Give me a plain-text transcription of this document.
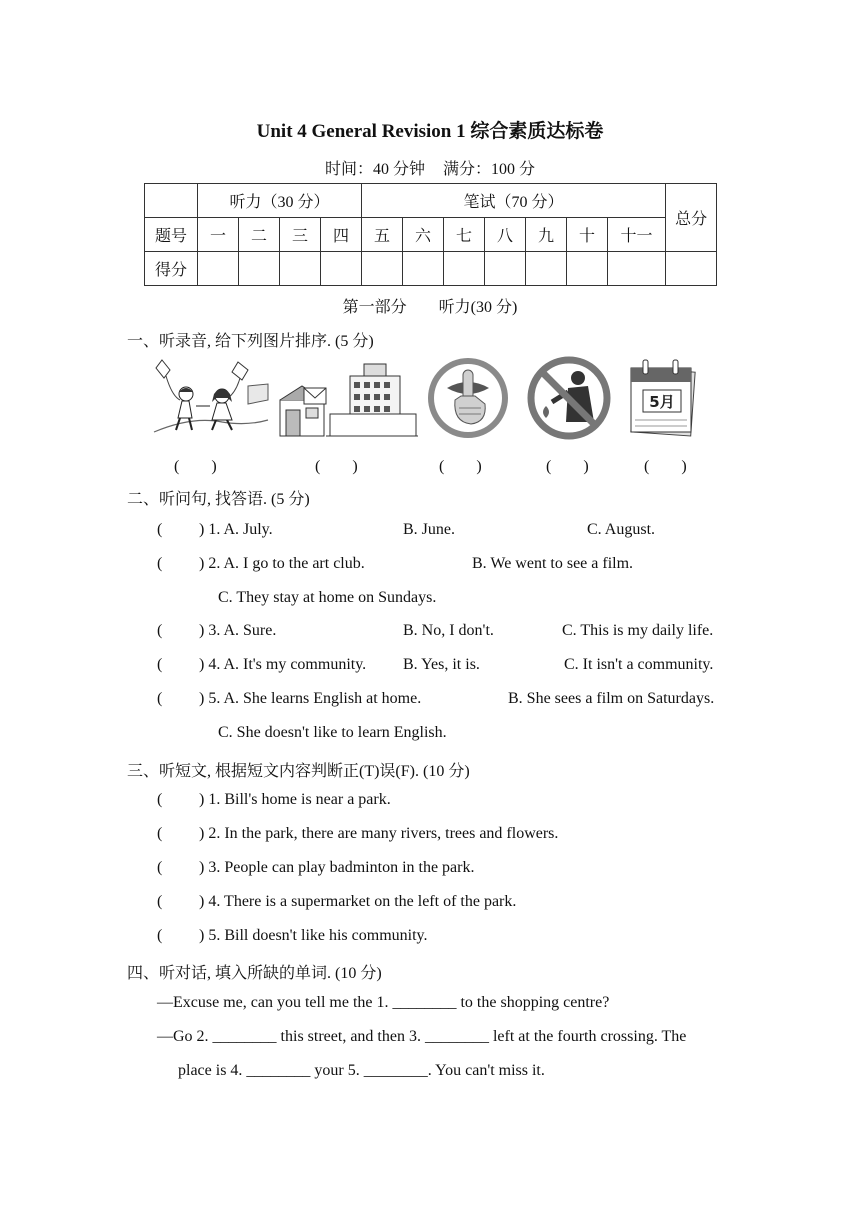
Unit 4 General Revision 1 综合素质达标卷
时间：40 分钟 满分：100 分
	听力（30 分）				笔试（70 分）							总分
题号	一	二	三	四	五	六	七	八	九	十	十一	
得分												
第一部分 听力(30 分)
一、听录音, 给下列图片排序. (5 分)
5月
(　　)	(　　)	(　　)	(　　)	(　　)
二、听问句, 找答语. (5 分)
( ) 1. A. July.	B. June.	C. August.
( ) 2. A. I go to the art club.	B. We went to see a film.
C. They stay at home on Sundays.
( ) 3. A. Sure.	B. No, I don't.	C. This is my daily life.
( ) 4. A. It's my community. B. Yes, it is.	C. It isn't a community.
( ) 5. A. She learns English at home.	B. She sees a film on Saturdays.
C. She doesn't like to learn English.
三、听短文, 根据短文内容判断正(T)误(F). (10 分)
( ) 1. Bill's home is near a park.
( ) 2. In the park, there are many rivers, trees and flowers.
( ) 3. People can play badminton in the park.
( ) 4. There is a supermarket on the left of the park.
( ) 5. Bill doesn't like his community.
四、听对话, 填入所缺的单词. (10 分)
—Excuse me, can you tell me the 1. ________ to the shopping centre?
—Go 2. ________ this street, and then 3. ________ left at the fourth crossing. The
place is 4. ________ your 5. ________. You can't miss it.
